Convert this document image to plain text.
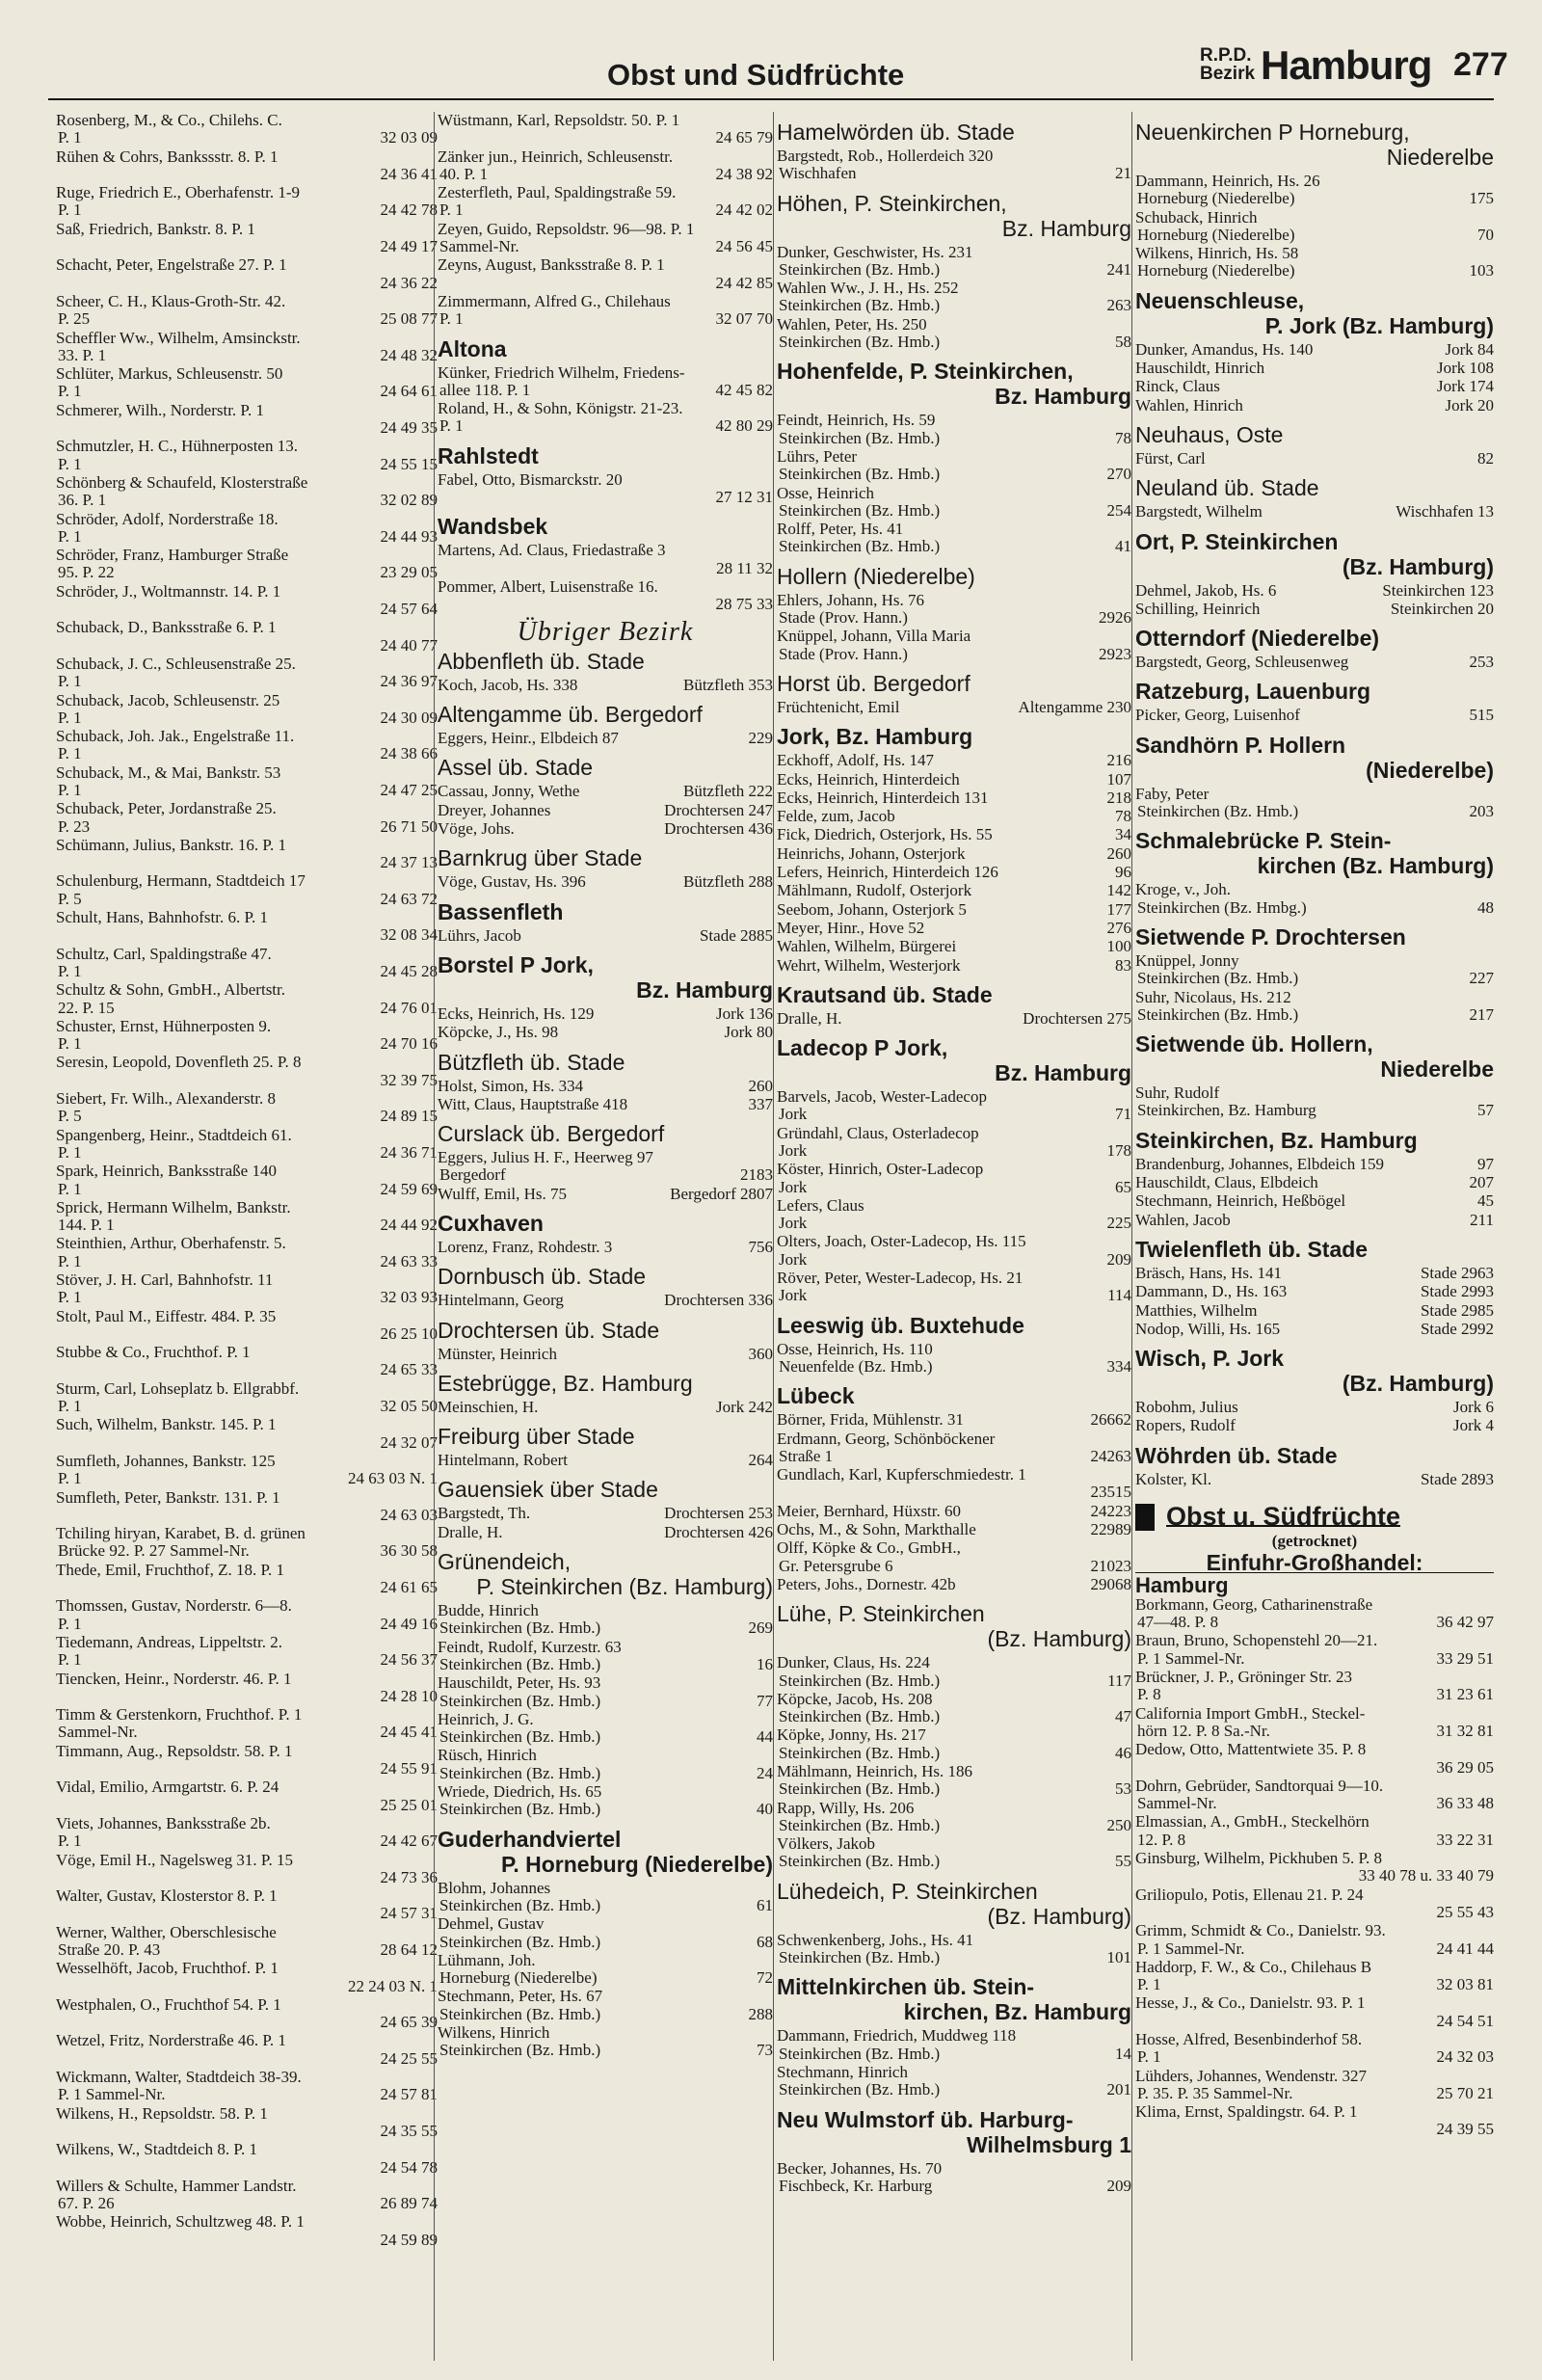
Obst und Südfrüchte
R.P.D.
Bezirk Hamburg 277
Rosenberg, M., & Co., Chilehs. C.
P. 1	32 03 09
Rühen & Cohrs, Bankssstr. 8. P. 1
24 36 41
Ruge, Friedrich E., Oberhafenstr. 1-9
P. 1	24 42 78
Saß, Friedrich, Bankstr. 8. P. 1
24 49 17
Schacht, Peter, Engelstraße 27. P. 1
24 36 22
Scheer, C. H., Klaus-Groth-Str. 42.
P. 25	25 08 77
Scheffler Ww., Wilhelm, Amsinckstr.
33. P. 1	24 48 32
Schlüter, Markus, Schleusenstr. 50
P. 1	24 64 61
Schmerer, Wilh., Norderstr. P. 1
24 49 35
Schmutzler, H. C., Hühnerposten 13.
P. 1	24 55 15
Schönberg & Schaufeld, Klosterstraße
36. P. 1	32 02 89
Schröder, Adolf, Norderstraße 18.
P. 1	24 44 93
Schröder, Franz, Hamburger Straße
95. P. 22	23 29 05
Schröder, J., Woltmannstr. 14. P. 1
24 57 64
Schuback, D., Banksstraße 6. P. 1
24 40 77
Schuback, J. C., Schleusenstraße 25.
P. 1	24 36 97
Schuback, Jacob, Schleusenstr. 25
P. 1	24 30 09
Schuback, Joh. Jak., Engelstraße 11.
P. 1	24 38 66
Schuback, M., & Mai, Bankstr. 53
P. 1	24 47 25
Schuback, Peter, Jordanstraße 25.
P. 23	26 71 50
Schümann, Julius, Bankstr. 16. P. 1
24 37 13
Schulenburg, Hermann, Stadtdeich 17
P. 5	24 63 72
Schult, Hans, Bahnhofstr. 6. P. 1
32 08 34
Schultz, Carl, Spaldingstraße 47.
P. 1	24 45 28
Schultz & Sohn, GmbH., Albertstr.
22. P. 15	24 76 01
Schuster, Ernst, Hühnerposten 9.
P. 1	24 70 16
Seresin, Leopold, Dovenfleth 25. P. 8
32 39 75
Siebert, Fr. Wilh., Alexanderstr. 8
P. 5	24 89 15
Spangenberg, Heinr., Stadtdeich 61.
P. 1	24 36 71
Spark, Heinrich, Banksstraße 140
P. 1	24 59 69
Sprick, Hermann Wilhelm, Bankstr.
144. P. 1	24 44 92
Steinthien, Arthur, Oberhafenstr. 5.
P. 1	24 63 33
Stöver, J. H. Carl, Bahnhofstr. 11
P. 1	32 03 93
Stolt, Paul M., Eiffestr. 484. P. 35
26 25 10
Stubbe & Co., Fruchthof. P. 1
24 65 33
Sturm, Carl, Lohseplatz b. Ellgrabbf.
P. 1	32 05 50
Such, Wilhelm, Bankstr. 145. P. 1
24 32 07
Sumfleth, Johannes, Bankstr. 125
P. 1	24 63 03 N. 1
Sumfleth, Peter, Bankstr. 131. P. 1
24 63 03
Tchiling hiryan, Karabet, B. d. grünen
Brücke 92. P. 27 Sammel-Nr.	36 30 58
Thede, Emil, Fruchthof, Z. 18. P. 1
24 61 65
Thomssen, Gustav, Norderstr. 6—8.
P. 1	24 49 16
Tiedemann, Andreas, Lippeltstr. 2.
P. 1	24 56 37
Tiencken, Heinr., Norderstr. 46. P. 1
24 28 10
Timm & Gerstenkorn, Fruchthof. P. 1
Sammel-Nr.	24 45 41
Timmann, Aug., Repsoldstr. 58. P. 1
24 55 91
Vidal, Emilio, Armgartstr. 6. P. 24
25 25 01
Viets, Johannes, Banksstraße 2b.
P. 1	24 42 67
Vöge, Emil H., Nagelsweg 31. P. 15
24 73 36
Walter, Gustav, Klosterstor 8. P. 1
24 57 31
Werner, Walther, Oberschlesische
Straße 20. P. 43	28 64 12
Wesselhöft, Jacob, Fruchthof. P. 1
22 24 03 N. 1
Westphalen, O., Fruchthof 54. P. 1
24 65 39
Wetzel, Fritz, Norderstraße 46. P. 1
24 25 55
Wickmann, Walter, Stadtdeich 38-39.
P. 1 Sammel-Nr.	24 57 81
Wilkens, H., Repsoldstr. 58. P. 1
24 35 55
Wilkens, W., Stadtdeich 8. P. 1
24 54 78
Willers & Schulte, Hammer Landstr.
67. P. 26	26 89 74
Wobbe, Heinrich, Schultzweg 48. P. 1
24 59 89
Wüstmann, Karl, Repsoldstr. 50. P. 1
24 65 79
Zänker jun., Heinrich, Schleusenstr.
40. P. 1	24 38 92
Zesterfleth, Paul, Spaldingstraße 59.
P. 1	24 42 02
Zeyen, Guido, Repsoldstr. 96—98. P. 1
Sammel-Nr.	24 56 45
Zeyns, August, Banksstraße 8. P. 1
24 42 85
Zimmermann, Alfred G., Chilehaus
P. 1	32 07 70
Altona
Künker, Friedrich Wilhelm, Friedens-
allee 118. P. 1	42 45 82
Roland, H., & Sohn, Königstr. 21-23.
P. 1	42 80 29
Rahlstedt
Fabel, Otto, Bismarckstr. 20
27 12 31
Wandsbek
Martens, Ad. Claus, Friedastraße 3
28 11 32
Pommer, Albert, Luisenstraße 16.
28 75 33
Übriger Bezirk
Abbenfleth üb. Stade
Koch, Jacob, Hs. 338	Bützfleth 353
Altengamme üb. Bergedorf
Eggers, Heinr., Elbdeich 87	229
Assel üb. Stade
Cassau, Jonny, Wethe	Bützfleth 222
Dreyer, Johannes	Drochtersen 247
Vöge, Johs.	Drochtersen 436
Barnkrug über Stade
Vöge, Gustav, Hs. 396	Bützfleth 288
Bassenfleth
Lührs, Jacob	Stade 2885
Borstel P Jork,
Bz. Hamburg
Ecks, Heinrich, Hs. 129	Jork 136
Köpcke, J., Hs. 98	Jork 80
Bützfleth üb. Stade
Holst, Simon, Hs. 334	260
Witt, Claus, Hauptstraße 418	337
Curslack üb. Bergedorf
Eggers, Julius H. F., Heerweg 97
Bergedorf	2183
Wulff, Emil, Hs. 75	Bergedorf 2807
Cuxhaven
Lorenz, Franz, Rohdestr. 3	756
Dornbusch üb. Stade
Hintelmann, Georg	Drochtersen 336
Drochtersen üb. Stade
Münster, Heinrich	360
Estebrügge, Bz. Hamburg
Meinschien, H.	Jork 242
Freiburg über Stade
Hintelmann, Robert	264
Gauensiek über Stade
Bargstedt, Th.	Drochtersen 253
Dralle, H.	Drochtersen 426
Grünendeich,
P. Steinkirchen (Bz. Hamburg)
Budde, Hinrich
Steinkirchen (Bz. Hmb.)	269
Feindt, Rudolf, Kurzestr. 63
Steinkirchen (Bz. Hmb.)	16
Hauschildt, Peter, Hs. 93
Steinkirchen (Bz. Hmb.)	77
Heinrich, J. G.
Steinkirchen (Bz. Hmb.)	44
Rüsch, Hinrich
Steinkirchen (Bz. Hmb.)	24
Wriede, Diedrich, Hs. 65
Steinkirchen (Bz. Hmb.)	40
Guderhandviertel
P. Horneburg (Niederelbe)
Blohm, Johannes
Steinkirchen (Bz. Hmb.)	61
Dehmel, Gustav
Steinkirchen (Bz. Hmb.)	68
Lühmann, Joh.
Horneburg (Niederelbe)	72
Stechmann, Peter, Hs. 67
Steinkirchen (Bz. Hmb.)	288
Wilkens, Hinrich
Steinkirchen (Bz. Hmb.)	73
Hamelwörden üb. Stade
Bargstedt, Rob., Hollerdeich 320
Wischhafen	21
Höhen, P. Steinkirchen,
Bz. Hamburg
Dunker, Geschwister, Hs. 231
Steinkirchen (Bz. Hmb.)	241
Wahlen Ww., J. H., Hs. 252
Steinkirchen (Bz. Hmb.)	263
Wahlen, Peter, Hs. 250
Steinkirchen (Bz. Hmb.)	58
Hohenfelde, P. Steinkirchen,
Bz. Hamburg
Feindt, Heinrich, Hs. 59
Steinkirchen (Bz. Hmb.)	78
Lührs, Peter
Steinkirchen (Bz. Hmb.)	270
Osse, Heinrich
Steinkirchen (Bz. Hmb.)	254
Rolff, Peter, Hs. 41
Steinkirchen (Bz. Hmb.)	41
Hollern (Niederelbe)
Ehlers, Johann, Hs. 76
Stade (Prov. Hann.)	2926
Knüppel, Johann, Villa Maria
Stade (Prov. Hann.)	2923
Horst üb. Bergedorf
Früchtenicht, Emil	Altengamme 230
Jork, Bz. Hamburg
Eckhoff, Adolf, Hs. 147	216
Ecks, Heinrich, Hinterdeich	107
Ecks, Heinrich, Hinterdeich 131	218
Felde, zum, Jacob	78
Fick, Diedrich, Osterjork, Hs. 55	34
Heinrichs, Johann, Osterjork	260
Lefers, Heinrich, Hinterdeich 126	96
Mählmann, Rudolf, Osterjork	142
Seebom, Johann, Osterjork 5	177
Meyer, Hinr., Hove 52	276
Wahlen, Wilhelm, Bürgerei	100
Wehrt, Wilhelm, Westerjork	83
Krautsand üb. Stade
Dralle, H.	Drochtersen 275
Ladecop P Jork,
Bz. Hamburg
Barvels, Jacob, Wester-Ladecop
Jork	71
Gründahl, Claus, Osterladecop
Jork	178
Köster, Hinrich, Oster-Ladecop
Jork	65
Lefers, Claus
Jork	225
Olters, Joach, Oster-Ladecop, Hs. 115
Jork	209
Röver, Peter, Wester-Ladecop, Hs. 21
Jork	114
Leeswig üb. Buxtehude
Osse, Heinrich, Hs. 110
Neuenfelde (Bz. Hmb.)	334
Lübeck
Börner, Frida, Mühlenstr. 31	26662
Erdmann, Georg, Schönböckener
Straße 1	24263
Gundlach, Karl, Kupferschmiedestr. 1
23515
Meier, Bernhard, Hüxstr. 60	24223
Ochs, M., & Sohn, Markthalle	22989
Olff, Köpke & Co., GmbH.,
Gr. Petersgrube 6	21023
Peters, Johs., Dornestr. 42b	29068
Lühe, P. Steinkirchen
(Bz. Hamburg)
Dunker, Claus, Hs. 224
Steinkirchen (Bz. Hmb.)	117
Köpcke, Jacob, Hs. 208
Steinkirchen (Bz. Hmb.)	47
Köpke, Jonny, Hs. 217
Steinkirchen (Bz. Hmb.)	46
Mählmann, Heinrich, Hs. 186
Steinkirchen (Bz. Hmb.)	53
Rapp, Willy, Hs. 206
Steinkirchen (Bz. Hmb.)	250
Völkers, Jakob
Steinkirchen (Bz. Hmb.)	55
Lühedeich, P. Steinkirchen
(Bz. Hamburg)
Schwenkenberg, Johs., Hs. 41
Steinkirchen (Bz. Hmb.)	101
Mittelnkirchen üb. Stein-
kirchen, Bz. Hamburg
Dammann, Friedrich, Muddweg 118
Steinkirchen (Bz. Hmb.)	14
Stechmann, Hinrich
Steinkirchen (Bz. Hmb.)	201
Neu Wulmstorf üb. Harburg-
Wilhelmsburg 1
Becker, Johannes, Hs. 70
Fischbeck, Kr. Harburg	209
Neuenkirchen P Horneburg,
Niederelbe
Dammann, Heinrich, Hs. 26
Horneburg (Niederelbe)	175
Schuback, Hinrich
Horneburg (Niederelbe)	70
Wilkens, Hinrich, Hs. 58
Horneburg (Niederelbe)	103
Neuenschleuse,
P. Jork (Bz. Hamburg)
Dunker, Amandus, Hs. 140	Jork 84
Hauschildt, Hinrich	Jork 108
Rinck, Claus	Jork 174
Wahlen, Hinrich	Jork 20
Neuhaus, Oste
Fürst, Carl	82
Neuland üb. Stade
Bargstedt, Wilhelm	Wischhafen 13
Ort, P. Steinkirchen
(Bz. Hamburg)
Dehmel, Jakob, Hs. 6	Steinkirchen 123
Schilling, Heinrich	Steinkirchen 20
Otterndorf (Niederelbe)
Bargstedt, Georg, Schleusenweg	253
Ratzeburg, Lauenburg
Picker, Georg, Luisenhof	515
Sandhörn P. Hollern
(Niederelbe)
Faby, Peter
Steinkirchen (Bz. Hmb.)	203
Schmalebrücke P. Stein-
kirchen (Bz. Hamburg)
Kroge, v., Joh.
Steinkirchen (Bz. Hmbg.)	48
Sietwende P. Drochtersen
Knüppel, Jonny
Steinkirchen (Bz. Hmb.)	227
Suhr, Nicolaus, Hs. 212
Steinkirchen (Bz. Hmb.)	217
Sietwende üb. Hollern,
Niederelbe
Suhr, Rudolf
Steinkirchen, Bz. Hamburg	57
Steinkirchen, Bz. Hamburg
Brandenburg, Johannes, Elbdeich 159	97
Hauschildt, Claus, Elbdeich	207
Stechmann, Heinrich, Heßbögel	45
Wahlen, Jacob	211
Twielenfleth üb. Stade
Bräsch, Hans, Hs. 141	Stade 2963
Dammann, D., Hs. 163	Stade 2993
Matthies, Wilhelm	Stade 2985
Nodop, Willi, Hs. 165	Stade 2992
Wisch, P. Jork
(Bz. Hamburg)
Robohm, Julius	Jork 6
Ropers, Rudolf	Jork 4
Wöhrden üb. Stade
Kolster, Kl.	Stade 2893
Obst u. Südfrüchte
(getrocknet)
Einfuhr-Großhandel:
Hamburg
Borkmann, Georg, Catharinenstraße
47—48. P. 8	36 42 97
Braun, Bruno, Schopenstehl 20—21.
P. 1 Sammel-Nr.	33 29 51
Brückner, J. P., Gröninger Str. 23
P. 8	31 23 61
California Import GmbH., Steckel-
hörn 12. P. 8 Sa.-Nr.	31 32 81
Dedow, Otto, Mattentwiete 35. P. 8
36 29 05
Dohrn, Gebrüder, Sandtorquai 9—10.
Sammel-Nr.	36 33 48
Elmassian, A., GmbH., Steckelhörn
12. P. 8	33 22 31
Ginsburg, Wilhelm, Pickhuben 5. P. 8
33 40 78 u. 33 40 79
Griliopulo, Potis, Ellenau 21. P. 24
25 55 43
Grimm, Schmidt & Co., Danielstr. 93.
P. 1 Sammel-Nr.	24 41 44
Haddorp, F. W., & Co., Chilehaus B
P. 1	32 03 81
Hesse, J., & Co., Danielstr. 93. P. 1
24 54 51
Hosse, Alfred, Besenbinderhof 58.
P. 1	24 32 03
Lühders, Johannes, Wendenstr. 327
P. 35. P. 35 Sammel-Nr.	25 70 21
Klima, Ernst, Spaldingstr. 64. P. 1
24 39 55
